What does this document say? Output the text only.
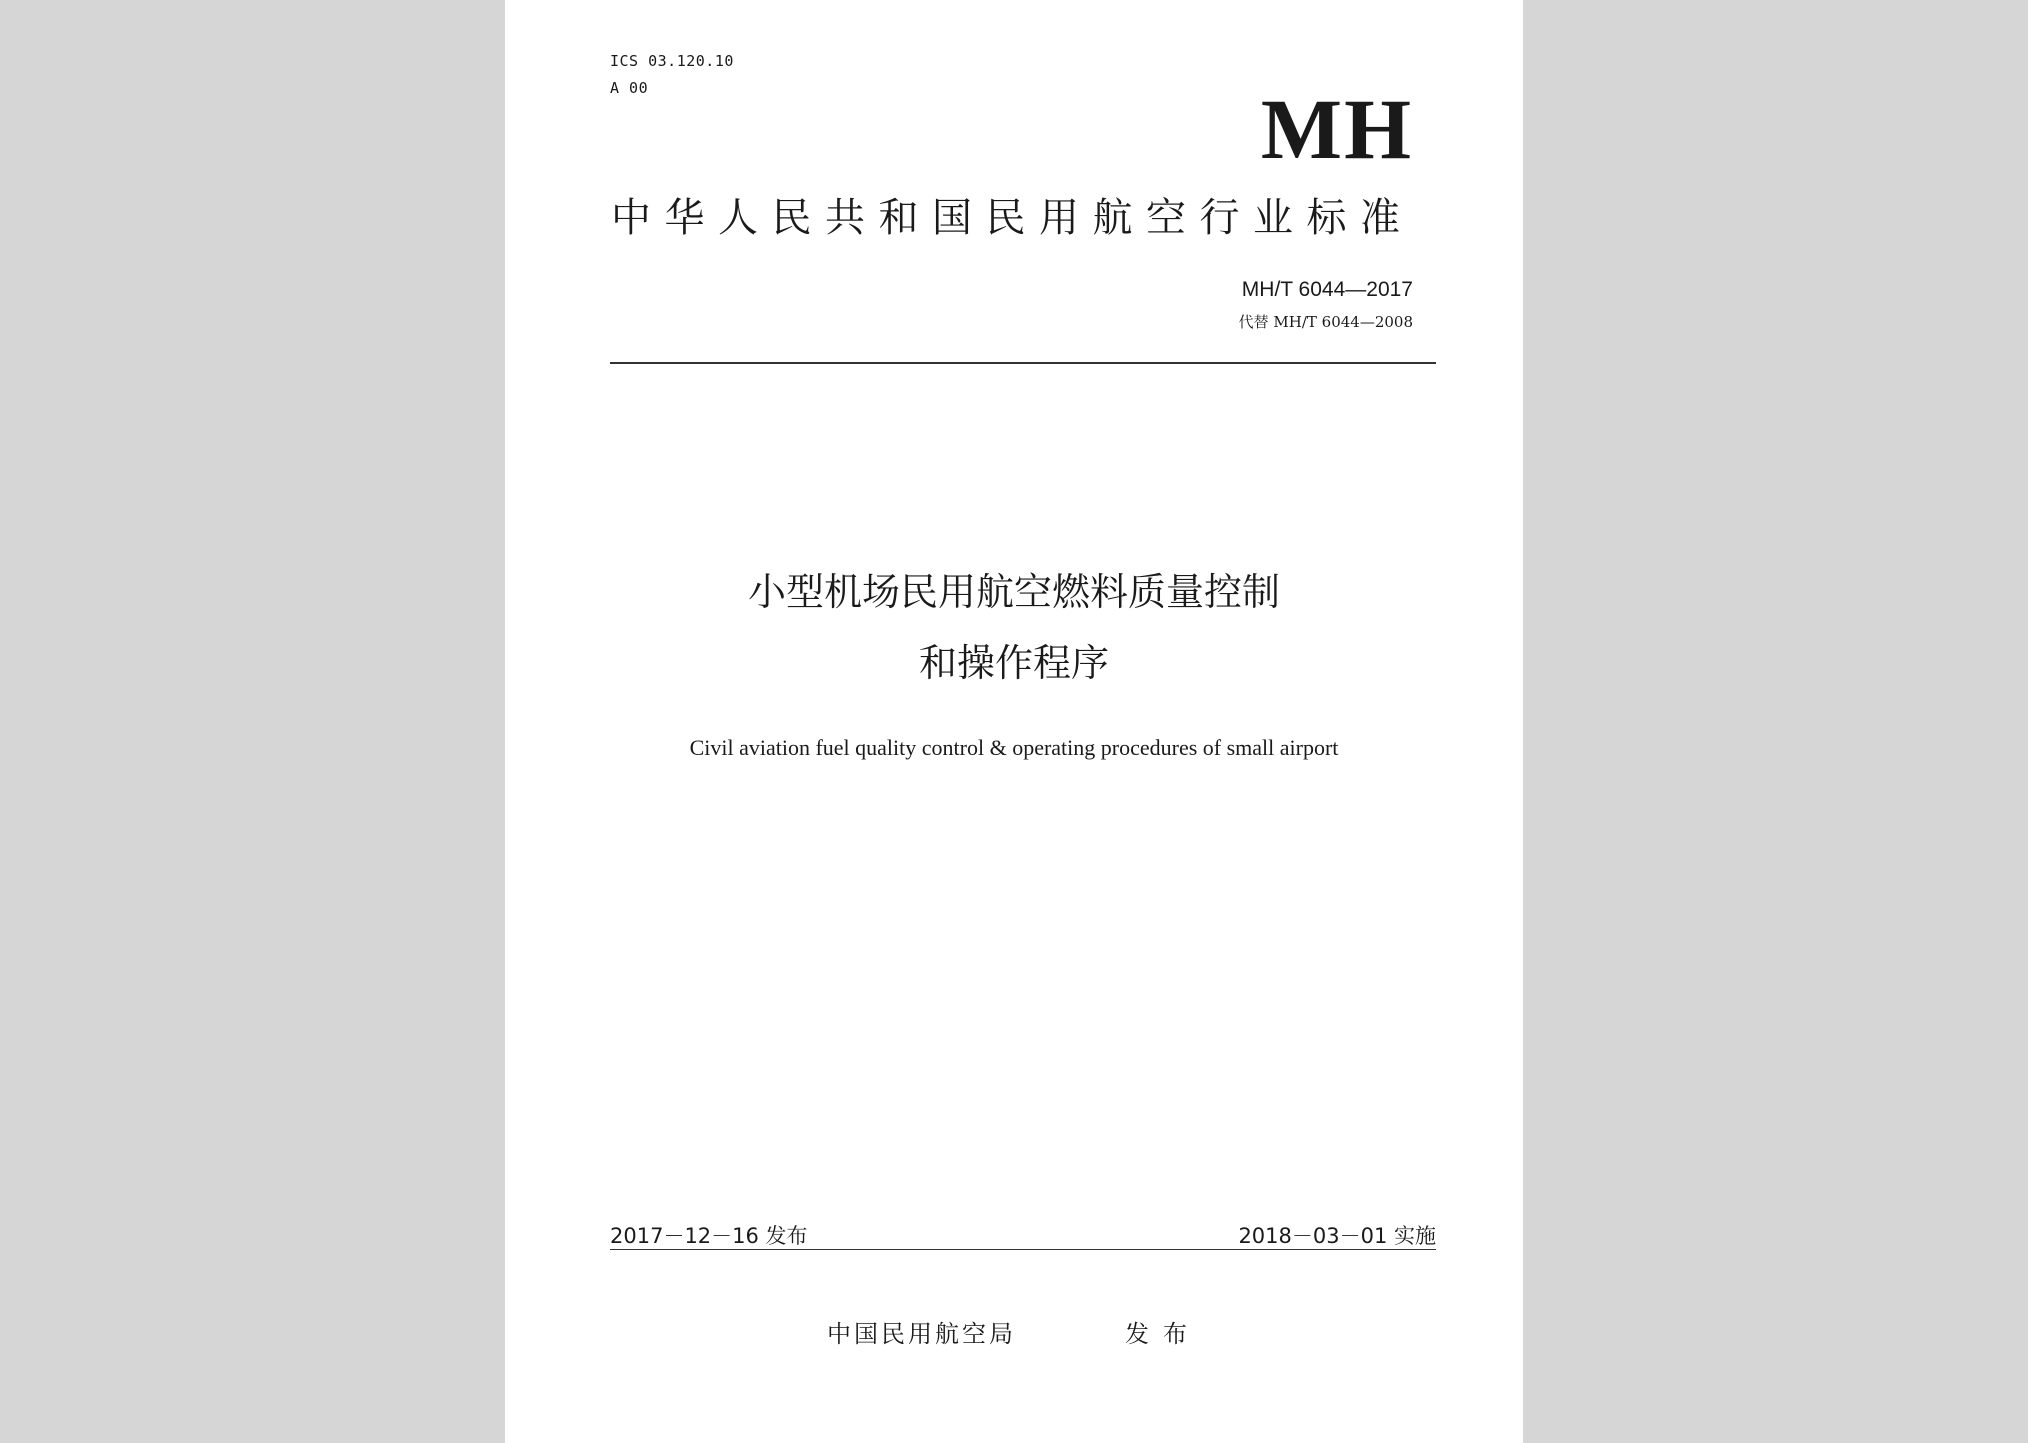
ICS 03.120.10
A 00	MH
中华人民共和国民用航空行业标准
MH/T 6044—2017
代替 MH/T 6044—2008
小型机场民用航空燃料质量控制
和操作程序
Civil aviation fuel quality control & operating procedures of small airport
2017－12－16 发布	2018－03－01 实施
中国民用航空局	发布
